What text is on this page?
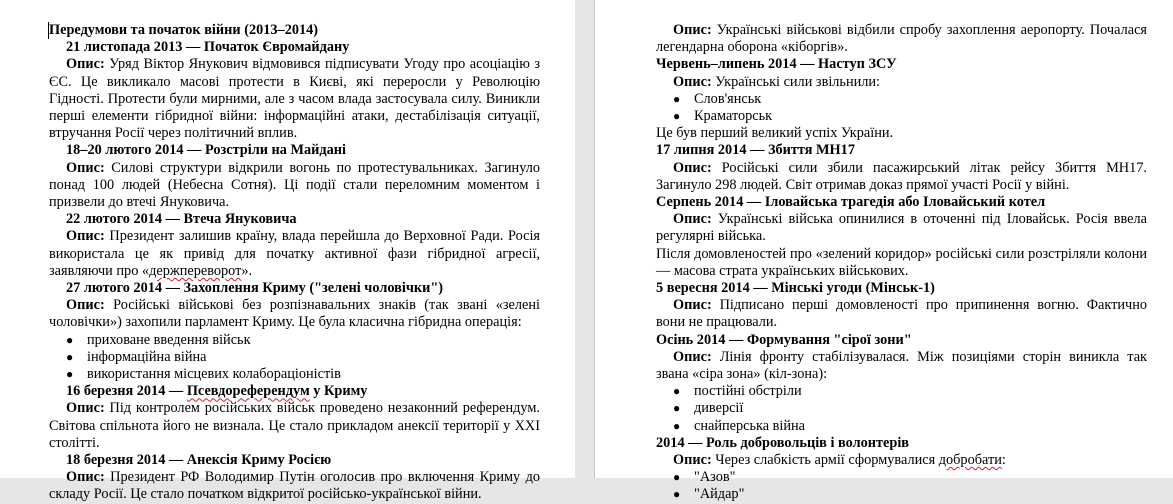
Передумови та початок війни (2013–2014)

21 листопада 2013 — Початок Євромайдану

Опис: Уряд Віктор Янукович відмовився підписувати Угоду про асоціацію з ЄС. Це викликало масові протести в Києві, які переросли у Революцію Гідності. Протести були мирними, але з часом влада застосувала силу. Виникли перші елементи гібридної війни: інформаційні атаки, дестабілізація ситуації, втручання Росії через політичний вплив.

18–20 лютого 2014 — Розстріли на Майдані

Опис: Силові структури відкрили вогонь по протестувальниках. Загинуло понад 100 людей (Небесна Сотня). Ці події стали переломним моментом і призвели до втечі Януковича.

22 лютого 2014 — Втеча Януковича

Опис: Президент залишив країну, влада перейшла до Верховної Ради. Росія використала це як привід для початку активної фази гібридної агресії, заявляючи про «держпереворот».

27 лютого 2014 — Захоплення Криму ("зелені чоловічки")

Опис: Російські військові без розпізнавальних знаків (так звані «зелені чоловічки») захопили парламент Криму. Це була класична гібридна операція:

● приховане введення військ
● інформаційна війна
● використання місцевих колабораціоністів

16 березня 2014 — Псевдореферендум у Криму

Опис: Під контролем російських військ проведено незаконний референдум. Світова спільнота його не визнала. Це стало прикладом анексії території у XXI столітті.

18 березня 2014 — Анексія Криму Росією

Опис: Президент РФ Володимир Путін оголосив про включення Криму до складу Росії. Це стало початком відкритої російсько-української війни.

Опис: Українські військові відбили спробу захоплення аеропорту. Почалася легендарна оборона «кіборгів».

Червень–липень 2014 — Наступ ЗСУ

Опис: Українські сили звільнили:

● Слов'янськ
● Краматорськ

Це був перший великий успіх України.

17 липня 2014 — Збиття MH17

Опис: Російські сили збили пасажирський літак рейсу Збиття MH17. Загинуло 298 людей. Світ отримав доказ прямої участі Росії у війні.

Серпень 2014 — Іловайська трагедія або Іловайський котел

Опис: Українські війська опинилися в оточенні під Іловайськ. Росія ввела регулярні війська.

Після домовленостей про «зелений коридор» російські сили розстріляли колони — масова страта українських військових.

5 вересня 2014 — Мінські угоди (Мінськ-1)

Опис: Підписано перші домовленості про припинення вогню. Фактично вони не працювали.

Осінь 2014 — Формування "сірої зони"

Опис: Лінія фронту стабілізувалася. Між позиціями сторін виникла так звана «сіра зона» (кіл-зона):

● постійні обстріли
● диверсії
● снайперська війна

2014 — Роль добровольців і волонтерів

Опис: Через слабкість армії сформувалися добробати:

● "Азов"
● "Айдар"
